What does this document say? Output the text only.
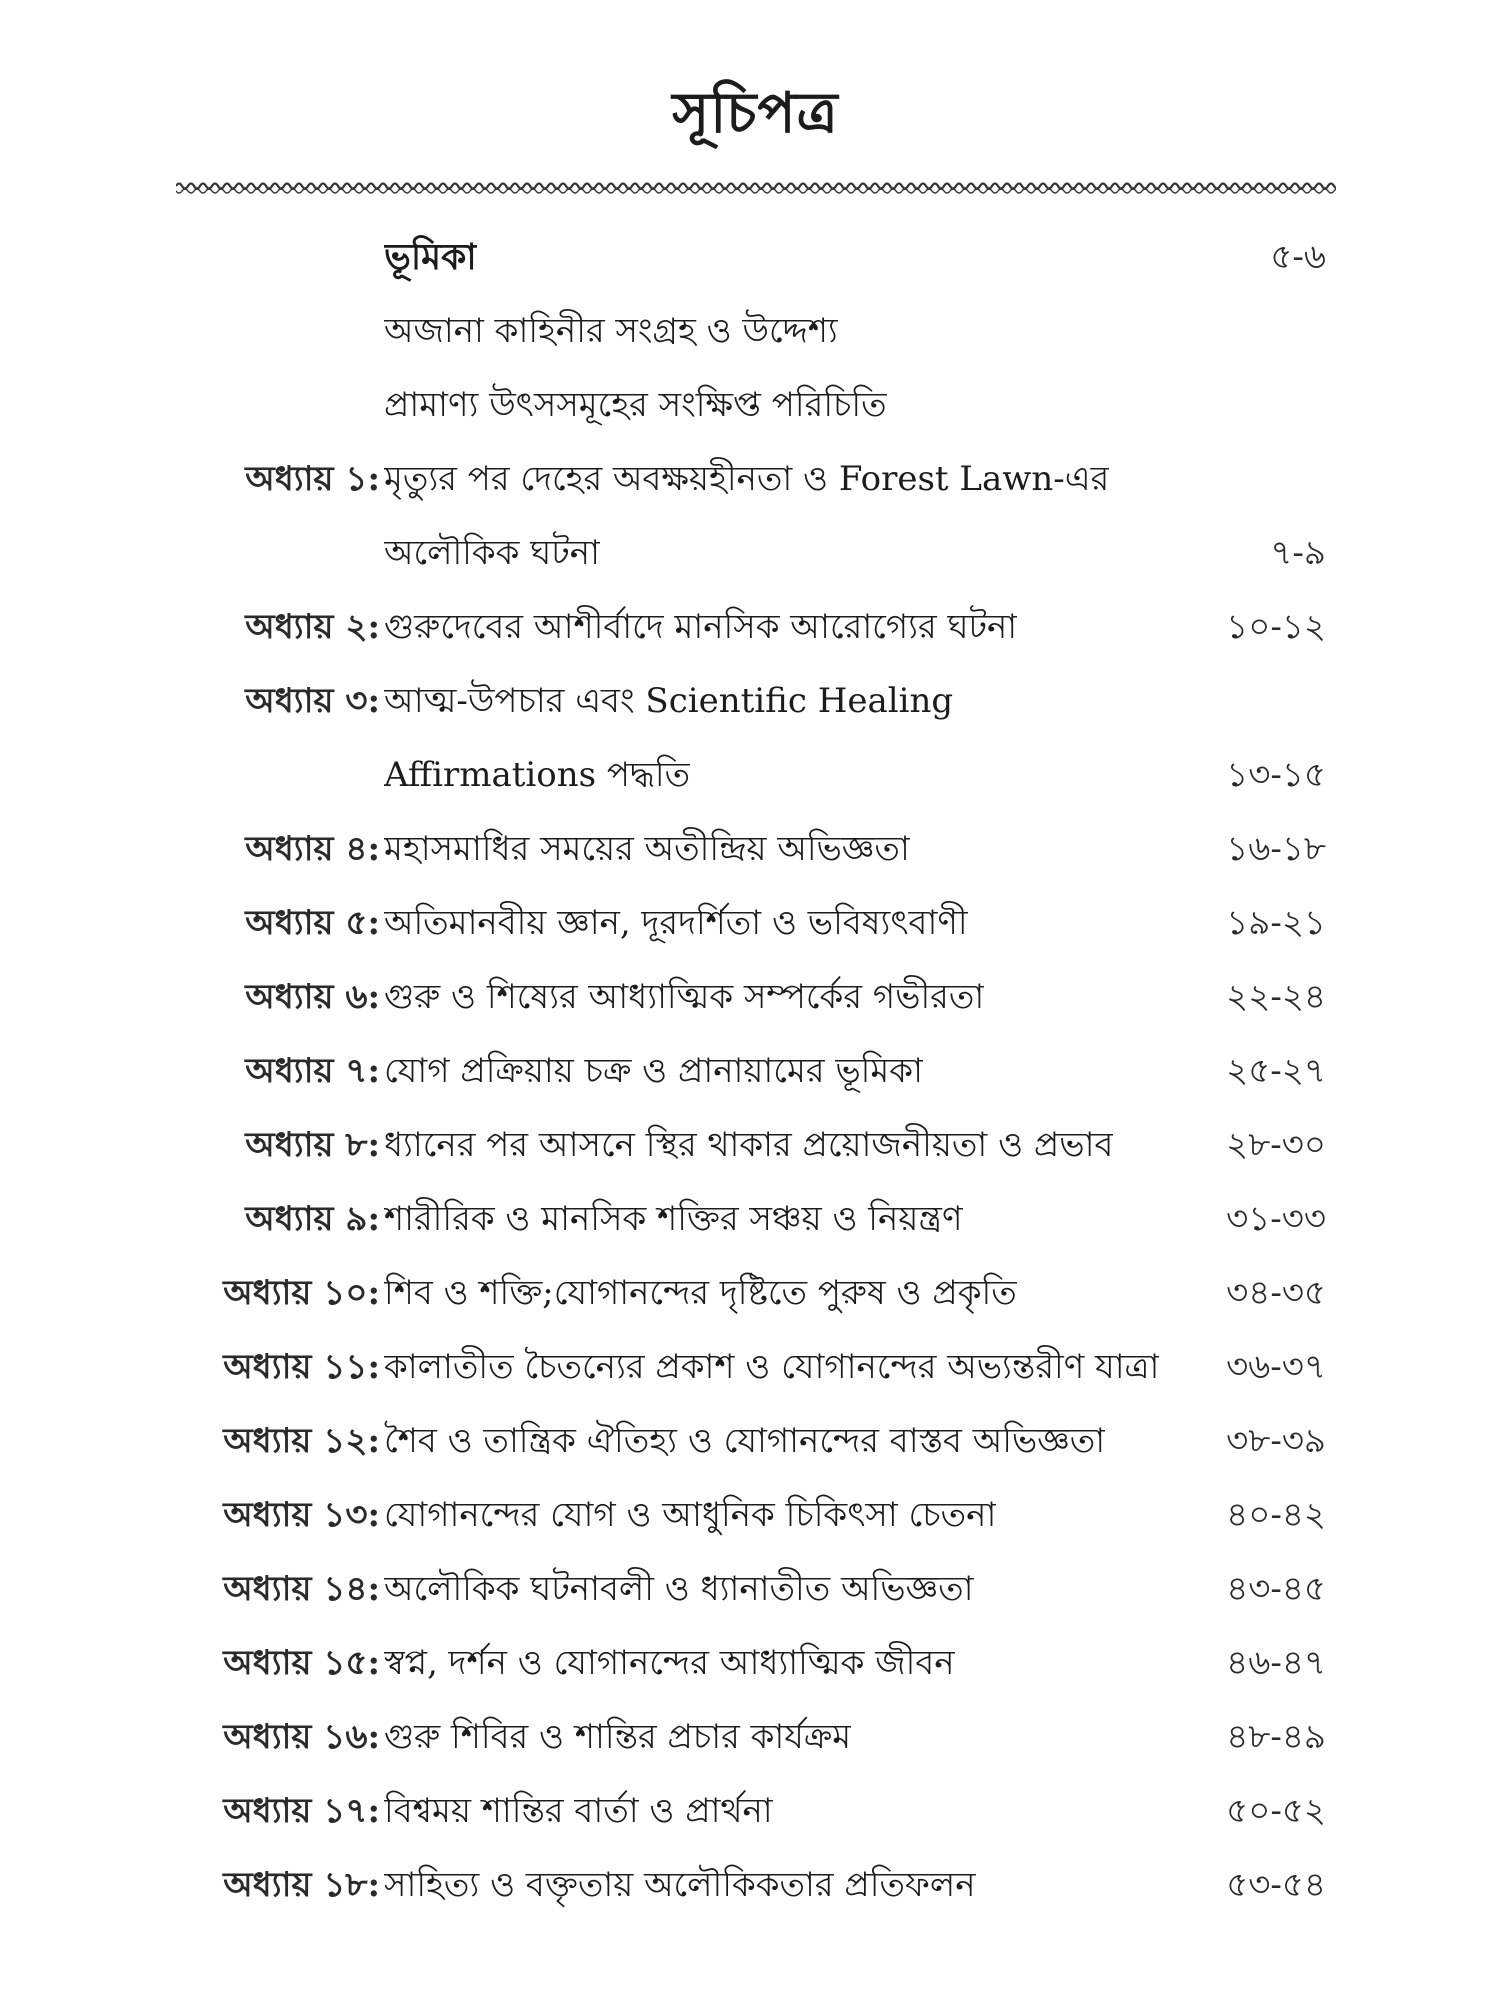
সূচিপত্র
ভূমিকা	৫-৬
অজানা কাহিনীর সংগ্রহ ও উদ্দেশ্য
প্রামাণ্য উৎসসমূহের সংক্ষিপ্ত পরিচিতি
অধ্যায় ১: মৃত্যুর পর দেহের অবক্ষয়হীনতা ও Forest Lawn-এর
অলৌকিক ঘটনা	৭-৯
অধ্যায় ২: গুরুদেবের আশীর্বাদে মানসিক আরোগ্যের ঘটনা	১০-১২
অধ্যায় ৩: আত্ম-উপচার এবং Scientific Healing
Affirmations পদ্ধতি	১৩-১৫
অধ্যায় ৪: মহাসমাধির সময়ের অতীন্দ্রিয় অভিজ্ঞতা	১৬-১৮
অধ্যায় ৫: অতিমানবীয় জ্ঞান, দূরদর্শিতা ও ভবিষ্যৎবাণী	১৯-২১
অধ্যায় ৬: গুরু ও শিষ্যের আধ্যাত্মিক সম্পর্কের গভীরতা	২২-২৪
অধ্যায় ৭: যোগ প্রক্রিয়ায় চক্র ও প্রানায়ামের ভূমিকা	২৫-২৭
অধ্যায় ৮: ধ্যানের পর আসনে স্থির থাকার প্রয়োজনীয়তা ও প্রভাব	২৮-৩০
অধ্যায় ৯: শারীরিক ও মানসিক শক্তির সঞ্চয় ও নিয়ন্ত্রণ	৩১-৩৩
অধ্যায় ১০: শিব ও শক্তি;যোগানন্দের দৃষ্টিতে পুরুষ ও প্রকৃতি	৩৪-৩৫
অধ্যায় ১১: কালাতীত চৈতন্যের প্রকাশ ও যোগানন্দের অভ্যন্তরীণ যাত্রা ৩৬-৩৭
অধ্যায় ১২: শৈব ও তান্ত্রিক ঐতিহ্য ও যোগানন্দের বাস্তব অভিজ্ঞতা	৩৮-৩৯
অধ্যায় ১৩: যোগানন্দের যোগ ও আধুনিক চিকিৎসা চেতনা	৪০-৪২
অধ্যায় ১৪: অলৌকিক ঘটনাবলী ও ধ্যানাতীত অভিজ্ঞতা	৪৩-৪৫
অধ্যায় ১৫: স্বপ্ন, দর্শন ও যোগানন্দের আধ্যাত্মিক জীবন	৪৬-৪৭
অধ্যায় ১৬: গুরু শিবির ও শান্তির প্রচার কার্যক্রম	৪৮-৪৯
অধ্যায় ১৭: বিশ্বময় শান্তির বার্তা ও প্রার্থনা	৫০-৫২
অধ্যায় ১৮: সাহিত্য ও বক্তৃতায় অলৌকিকতার প্রতিফলন	৫৩-৫৪
